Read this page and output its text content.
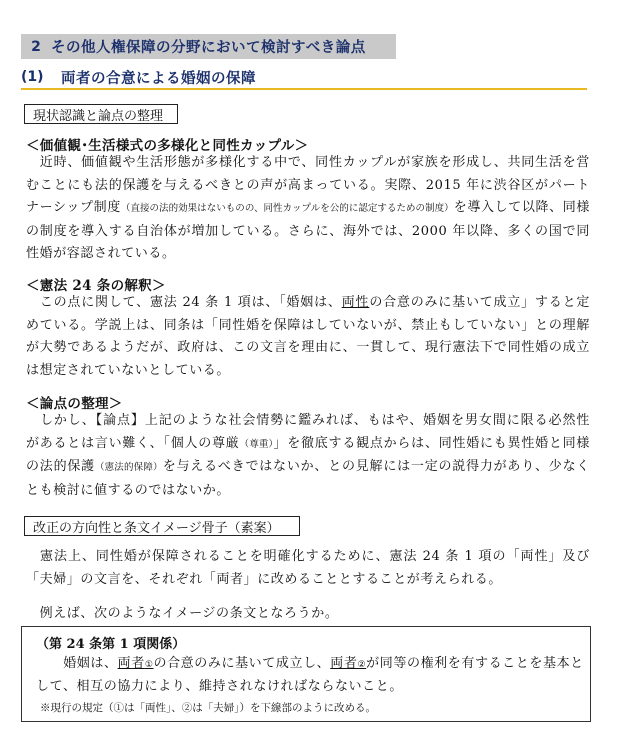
2 その他人権保障の分野において検討すべき論点
(1)	両者の合意による婚姻の保障
現状認識と論点の整理
＜価値観･生活様式の多様化と同性カップル＞
　近時、価値観や生活形態が多様化する中で、同性カップルが家族を形成し、共同生活を営むことにも法的保護を与えるべきとの声が高まっている。実際、2015 年に渋谷区がパートナーシップ制度（直接の法的効果はないものの、同性カップルを公的に認定するための制度）を導入して以降、同様の制度を導入する自治体が増加している。さらに、海外では、2000 年以降、多くの国で同性婚が容認されている。
＜憲法 24 条の解釈＞
　この点に関して、憲法 24 条 1 項は、「婚姻は、両性の合意のみに基いて成立」すると定めている。学説上は、同条は「同性婚を保障はしていないが、禁止もしていない」との理解が大勢であるようだが、政府は、この文言を理由に、一貫して、現行憲法下で同性婚の成立は想定されていないとしている。
＜論点の整理＞
　しかし、【論点】上記のような社会情勢に鑑みれば、もはや、婚姻を男女間に限る必然性があるとは言い難く、「個人の尊厳（尊重）」を徹底する観点からは、同性婚にも異性婚と同様の法的保護（憲法的保障）を与えるべきではないか、との見解には一定の説得力があり、少なくとも検討に値するのではないか。
改正の方向性と条文イメージ骨子（素案）
　憲法上、同性婚が保障されることを明確化するために、憲法 24 条 1 項の「両性」及び「夫婦」の文言を、それぞれ「両者」に改めることとすることが考えられる。
　例えば、次のようなイメージの条文となろうか。
（第 24 条第 1 項関係）
　　婚姻は、両者①の合意のみに基いて成立し、両者②が同等の権利を有することを基本として、相互の協力により、維持されなければならないこと。
※現行の規定（①は「両性」、②は「夫婦」）を下線部のように改める。
